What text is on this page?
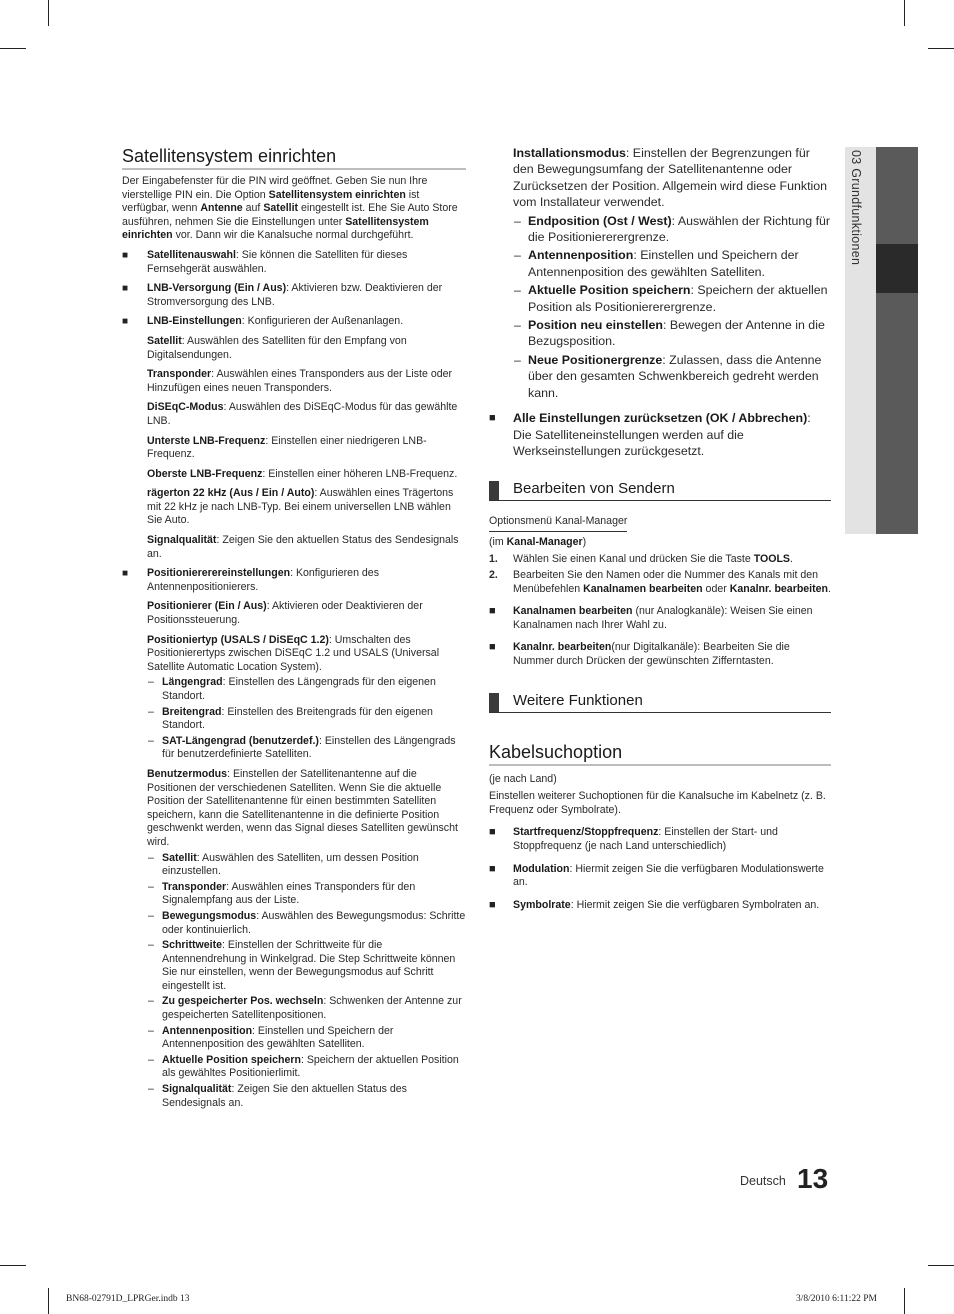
03 Grundfunktionen
Satellitensystem einrichten

Der Eingabefenster für die PIN wird geöffnet. Geben Sie nun Ihre vierstellige PIN ein. Die Option Satellitensystem einrichten ist verfügbar, wenn Antenne auf Satellit eingestellt ist. Ehe Sie Auto Store ausführen, nehmen Sie die Einstellungen unter Satellitensystem einrichten vor. Dann wir die Kanalsuche normal durchgeführt.

■ Satellitenauswahl: Sie können die Satelliten für dieses Fernsehgerät auswählen.

■ LNB-Versorgung (Ein / Aus): Aktivieren bzw. Deaktivieren der Stromversorgung des LNB.

■ LNB-Einstellungen: Konfigurieren der Außenanlagen.

Satellit: Auswählen des Satelliten für den Empfang von Digitalsendungen.

Transponder: Auswählen eines Transponders aus der Liste oder Hinzufügen eines neuen Transponders.

DiSEqC-Modus: Auswählen des DiSEqC-Modus für das gewählte LNB.

Unterste LNB-Frequenz: Einstellen einer niedrigeren LNB-Frequenz.

Oberste LNB-Frequenz: Einstellen einer höheren LNB-Frequenz.

rägerton 22 kHz (Aus / Ein / Auto): Auswählen eines Trägertons mit 22 kHz je nach LNB-Typ. Bei einem universellen LNB wählen Sie Auto.

Signalqualität: Zeigen Sie den aktuellen Status des Sendesignals an.

■ Positioniererereinstellungen: Konfigurieren des Antennenpositionierers.

Positionierer (Ein / Aus): Aktivieren oder Deaktivieren der Positionssteuerung.

Positioniertyp (USALS / DiSEqC 1.2): Umschalten des Positionierertyps zwischen DiSEqC 1.2 und USALS (Universal Satellite Automatic Location System).

– Längengrad: Einstellen des Längengrads für den eigenen Standort.

– Breitengrad: Einstellen des Breitengrads für den eigenen Standort.

– SAT-Längengrad (benutzerdef.): Einstellen des Längengrads für benutzerdefinierte Satelliten.

Benutzermodus: Einstellen der Satellitenantenne auf die Positionen der verschiedenen Satelliten. Wenn Sie die aktuelle Position der Satellitenantenne für einen bestimmten Satelliten speichern, kann die Satellitenantenne in die definierte Position geschwenkt werden, wenn das Signal dieses Satelliten gewünscht wird.

– Satellit: Auswählen des Satelliten, um dessen Position einzustellen.

– Transponder: Auswählen eines Transponders für den Signalempfang aus der Liste.

– Bewegungsmodus: Auswählen des Bewegungsmodus: Schritte oder kontinuierlich.

– Schrittweite: Einstellen der Schrittweite für die Antennendrehung in Winkelgrad. Die Step Schrittweite können Sie nur einstellen, wenn der Bewegungsmodus auf Schritt eingestellt ist.

– Zu gespeicherter Pos. wechseln: Schwenken der Antenne zur gespeicherten Satellitenpositionen.

– Antennenposition: Einstellen und Speichern der Antennenposition des gewählten Satelliten.

– Aktuelle Position speichern: Speichern der aktuellen Position als gewähltes Positionierlimit.

– Signalqualität: Zeigen Sie den aktuellen Status des Sendesignals an.

Installationsmodus: Einstellen der Begrenzungen für den Bewegungsumfang der Satellitenantenne oder Zurücksetzen der Position. Allgemein wird diese Funktion vom Installateur verwendet.

– Endposition (Ost / West): Auswählen der Richtung für die Positioniererergrenze.

– Antennenposition: Einstellen und Speichern der Antennenposition des gewählten Satelliten.

– Aktuelle Position speichern: Speichern der aktuellen Position als Positioniererergrenze.

– Position neu einstellen: Bewegen der Antenne in die Bezugsposition.

– Neue Positionergrenze: Zulassen, dass die Antenne über den gesamten Schwenkbereich gedreht werden kann.

■ Alle Einstellungen zurücksetzen (OK / Abbrechen): Die Satelliteneinstellungen werden auf die Werkseinstellungen zurückgesetzt.

Bearbeiten von Sendern
Optionsmenü Kanal-Manager

(im Kanal-Manager)

1. Wählen Sie einen Kanal und drücken Sie die Taste TOOLS.

2. Bearbeiten Sie den Namen oder die Nummer des Kanals mit den Menübefehlen Kanalnamen bearbeiten oder Kanalnr. bearbeiten.

■ Kanalnamen bearbeiten (nur Analogkanäle): Weisen Sie einen Kanalnamen nach Ihrer Wahl zu.

■ Kanalnr. bearbeiten(nur Digitalkanäle): Bearbeiten Sie die Nummer durch Drücken der gewünschten Zifferntasten.

Weitere Funktionen
Kabelsuchoption

(je nach Land)

Einstellen weiterer Suchoptionen für die Kanalsuche im Kabelnetz (z. B. Frequenz oder Symbolrate).

■ Startfrequenz/Stoppfrequenz: Einstellen der Start- und Stoppfrequenz (je nach Land unterschiedlich)

■ Modulation: Hiermit zeigen Sie die verfügbaren Modulationswerte an.

■ Symbolrate: Hiermit zeigen Sie die verfügbaren Symbolraten an.

Deutsch 13
BN68-02791D_LPRGer.indb 13	3/8/2010 6:11:22 PM
